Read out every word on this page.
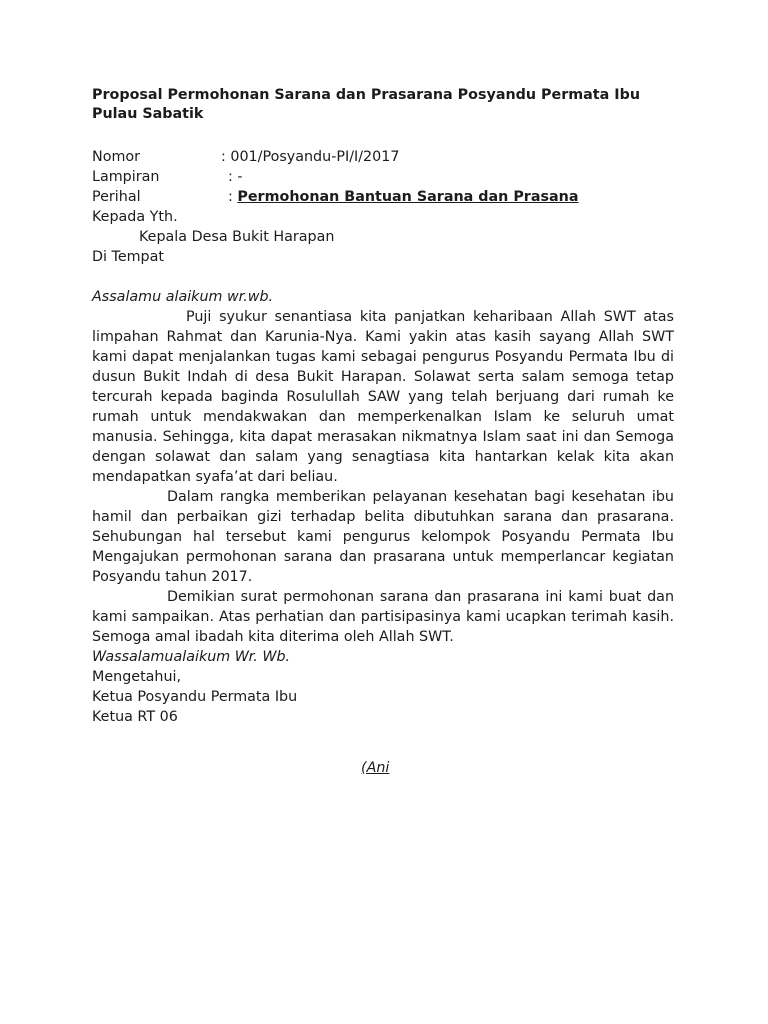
Proposal Permohonan Sarana dan Prasarana Posyandu Permata Ibu Pulau Sabatik
Nomor	: 001/Posyandu-PI/I/2017
Lampiran	: -
Perihal	: Permohonan Bantuan Sarana dan Prasana
Kepada Yth.
Kepala Desa Bukit Harapan
Di Tempat
Assalamu alaikum wr.wb.

Puji syukur senantiasa kita panjatkan keharibaan Allah SWT atas limpahan Rahmat dan Karunia-Nya. Kami yakin atas kasih sayang Allah SWT kami dapat menjalankan tugas kami sebagai pengurus Posyandu Permata Ibu di dusun Bukit Indah di desa Bukit Harapan. Solawat serta salam semoga tetap tercurah kepada baginda Rosulullah SAW yang telah berjuang dari rumah ke rumah untuk mendakwakan dan memperkenalkan Islam ke seluruh umat manusia. Sehingga, kita dapat merasakan nikmatnya Islam saat ini dan Semoga dengan solawat dan salam yang senagtiasa kita hantarkan kelak kita akan mendapatkan syafa’at dari beliau.

Dalam rangka memberikan pelayanan kesehatan bagi kesehatan ibu hamil dan perbaikan gizi terhadap belita dibutuhkan sarana dan prasarana. Sehubungan hal tersebut kami pengurus kelompok Posyandu Permata Ibu Mengajukan permohonan sarana dan prasarana untuk memperlancar kegiatan Posyandu tahun 2017.

Demikian surat permohonan sarana dan prasarana ini kami buat dan kami sampaikan. Atas perhatian dan partisipasinya kami ucapkan terimah kasih. Semoga amal ibadah kita diterima oleh Allah SWT.

Wassalamualaikum Wr. Wb.
Mengetahui,
Ketua Posyandu Permata Ibu
Ketua RT 06
(Ani
